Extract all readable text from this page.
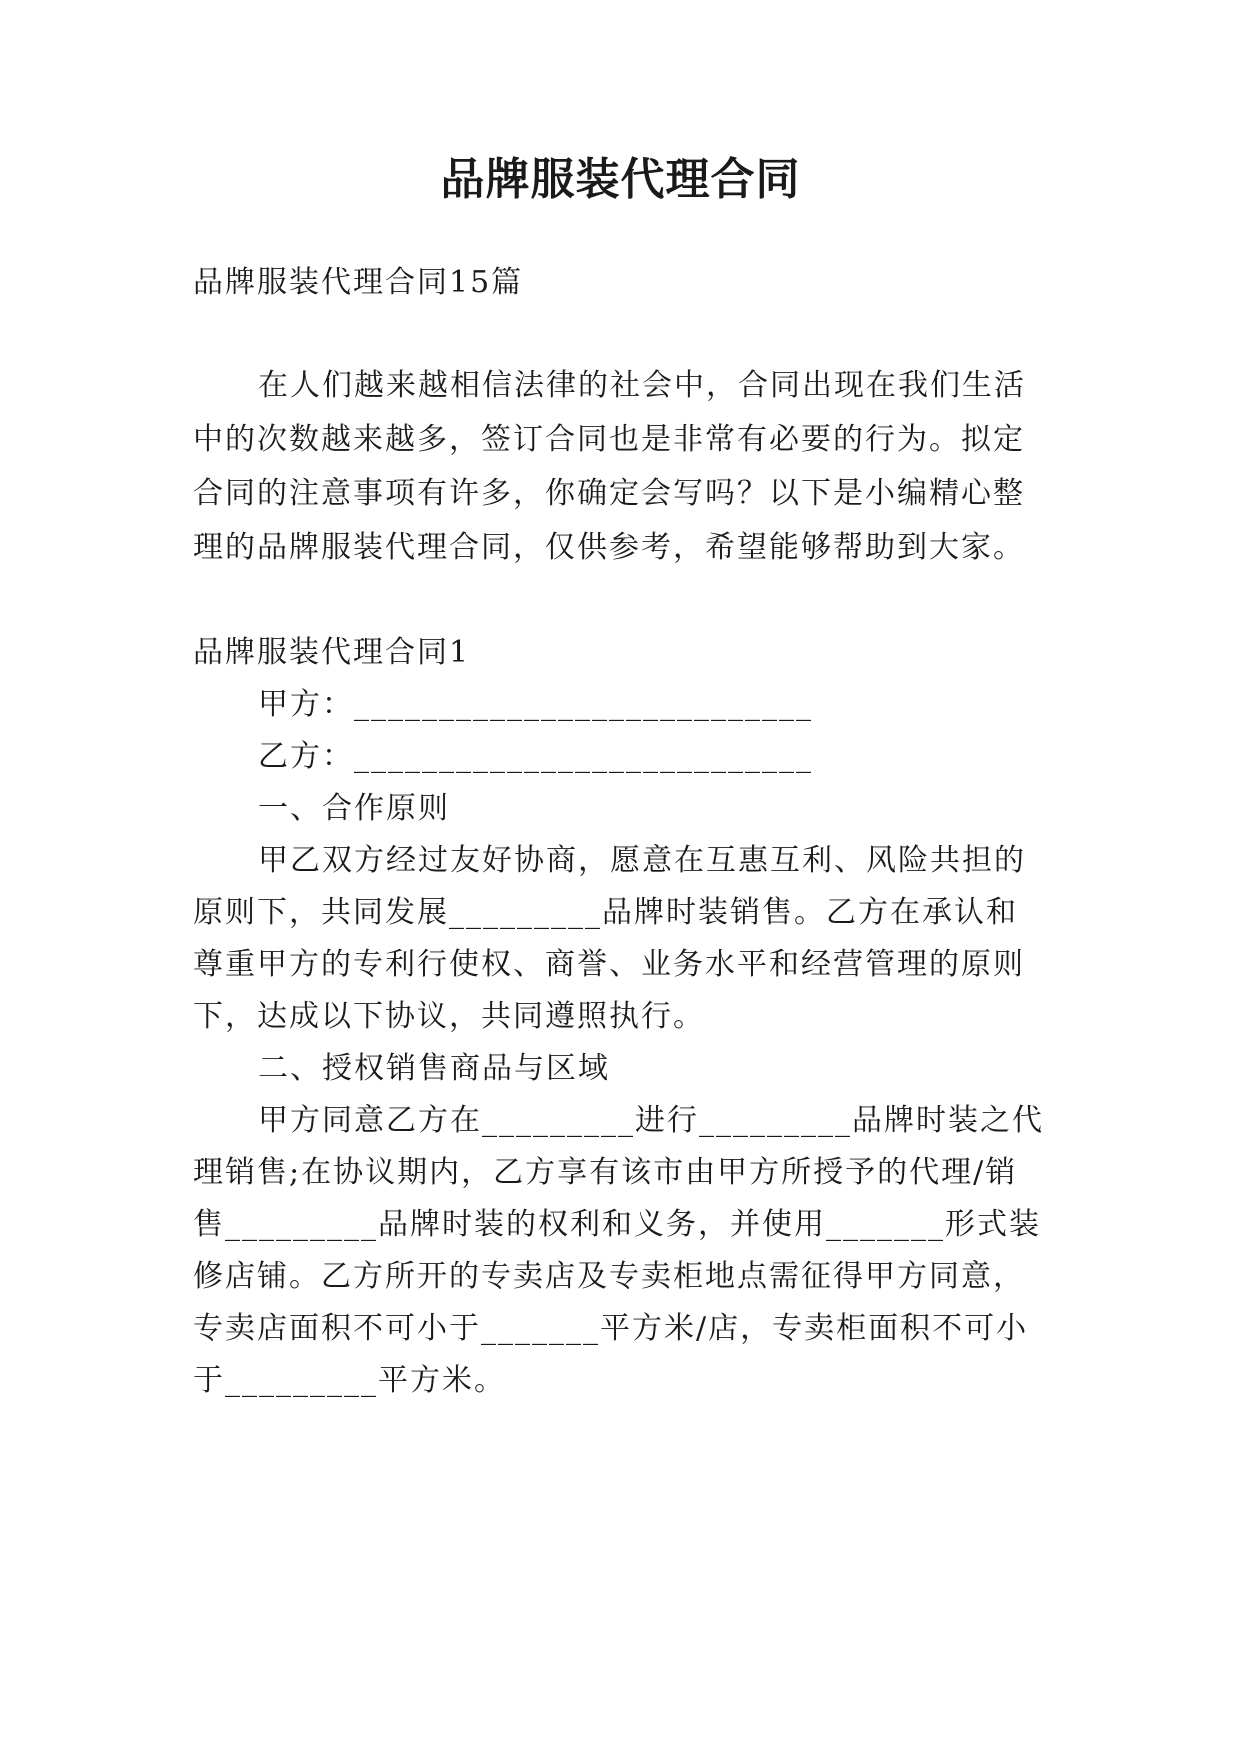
品牌服装代理合同
品牌服装代理合同15篇
在人们越来越相信法律的社会中，合同出现在我们生活
中的次数越来越多，签订合同也是非常有必要的行为。拟定
合同的注意事项有许多，你确定会写吗？以下是小编精心整
理的品牌服装代理合同，仅供参考，希望能够帮助到大家。
品牌服装代理合同1
甲方：___________________________
乙方：___________________________
一、合作原则
甲乙双方经过友好协商，愿意在互惠互利、风险共担的
原则下，共同发展_________品牌时装销售。乙方在承认和
尊重甲方的专利行使权、商誉、业务水平和经营管理的原则
下，达成以下协议，共同遵照执行。
二、授权销售商品与区域
甲方同意乙方在_________进行_________品牌时装之代
理销售;在协议期内，乙方享有该市由甲方所授予的代理/销
售_________品牌时装的权利和义务，并使用_______形式装
修店铺。乙方所开的专卖店及专卖柜地点需征得甲方同意，
专卖店面积不可小于_______平方米/店，专卖柜面积不可小
于_________平方米。
